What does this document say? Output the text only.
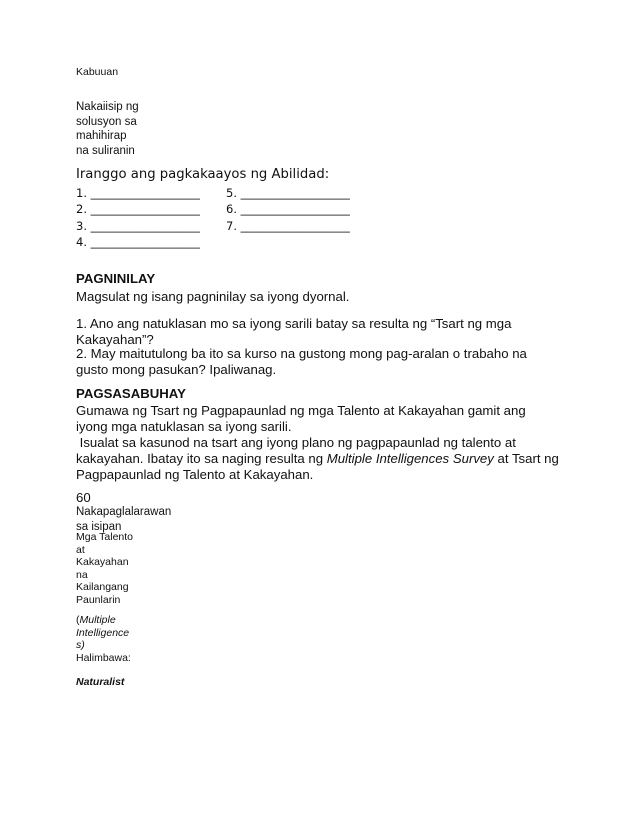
Kabuuan
Nakaiisip ng
solusyon sa
mahihirap
na suliranin
Iranggo ang pagkakaayos ng Abilidad:
1. ___________________	5. ___________________
2. ___________________	6. ___________________
3. ___________________	7. ___________________
4. ___________________
PAGNINILAY
Magsulat ng isang pagninilay sa iyong dyornal.
1. Ano ang natuklasan mo sa iyong sarili batay sa resulta ng “Tsart ng mga
Kakayahan”?
2. May maitutulong ba ito sa kurso na gustong mong pag-aralan o trabaho na
gusto mong pasukan? Ipaliwanag.
PAGSASABUHAY
Gumawa ng Tsart ng Pagpapaunlad ng mga Talento at Kakayahan gamit ang
iyong mga natuklasan sa iyong sarili.
Isualat sa kasunod na tsart ang iyong plano ng pagpapaunlad ng talento at
kakayahan. Ibatay ito sa naging resulta ng Multiple Intelligences Survey at Tsart ng
Pagpapaunlad ng Talento at Kakayahan.
60
Nakapaglalarawan
sa isipan
Mga Talento
at
Kakayahan
na
Kailangang
Paunlarin
(Multiple
Intelligence
s)
Halimbawa:
Naturalist
